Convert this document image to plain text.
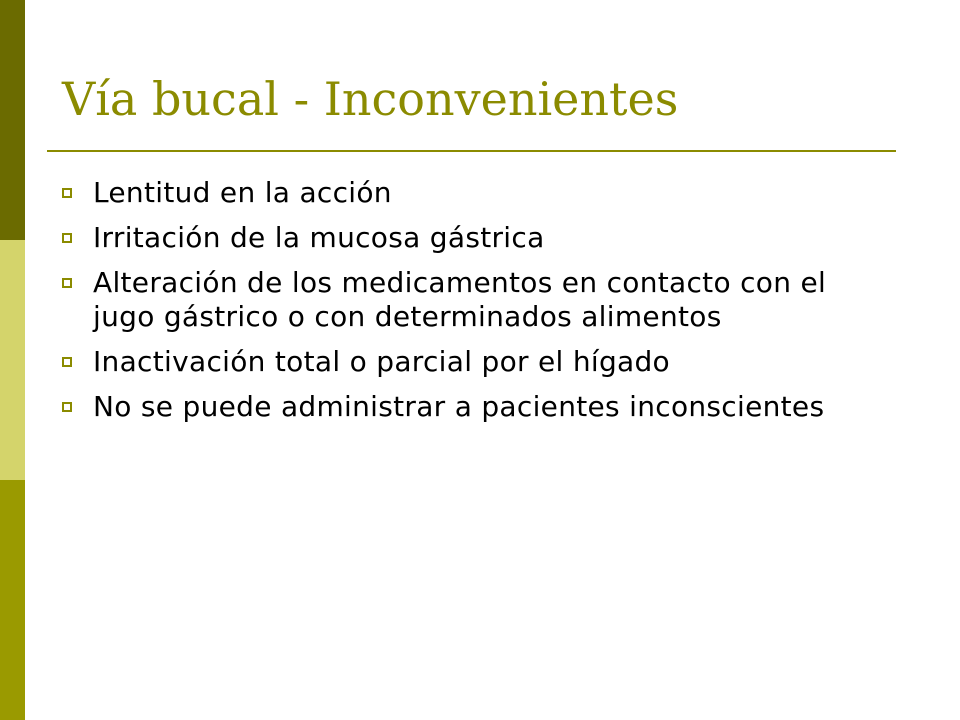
Vía bucal - Inconvenientes
Lentitud en la acción
Irritación de la mucosa gástrica
Alteración de los medicamentos en contacto con el jugo gástrico o con determinados alimentos
Inactivación total o parcial por el hígado
No se puede administrar a pacientes inconscientes
